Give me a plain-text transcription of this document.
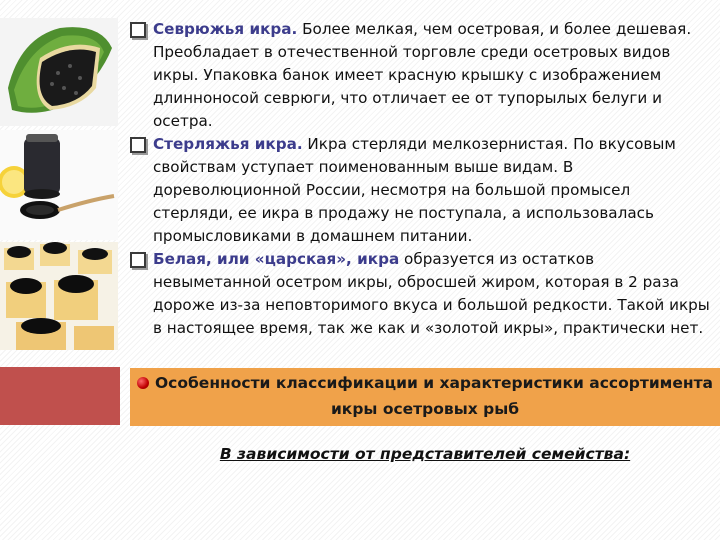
Севрюжья икра. Более мелкая, чем осетровая, и более дешевая. Преобладает в отечественной торговле среди осетровых видов икры. Упаковка банок имеет красную крышку с изображением длинноносой севрюги, что отличает ее от тупорылых белуги и осетра.
Стерляжья икра. Икра стерляди мелкозернистая. По вкусовым свойствам уступает поименованным выше видам. В дореволюционной России, несмотря на большой промысел стерляди, ее икра в продажу не поступала, а использовалась промысловиками в домашнем питании.
Белая, или «царская», икра образуется из остатков невыметанной осетром икры, обросшей жиром, которая в 2 раза дороже из-за неповторимого вкуса и большой редкости. Такой икры в настоящее время, так же как и «золотой икры», практически нет.
Особенности классификации и характеристики ассортимента
икры осетровых рыб
В зависимости от представителей семейства:
